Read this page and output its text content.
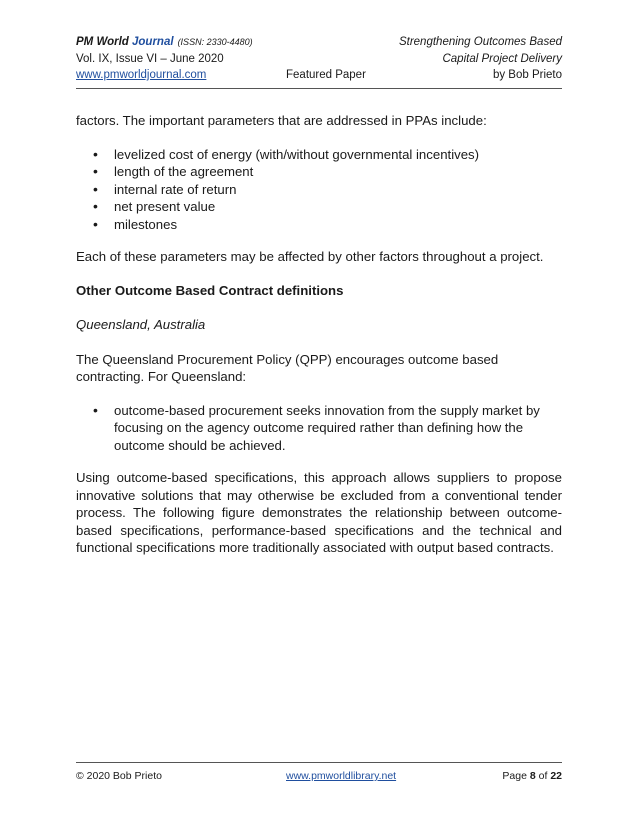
PM World Journal (ISSN: 2330-4480)	Strengthening Outcomes Based
Vol. IX, Issue VI – June 2020	Capital Project Delivery
www.pmworldjournal.com	Featured Paper	by Bob Prieto

factors. The important parameters that are addressed in PPAs include:

• levelized cost of energy (with/without governmental incentives)
• length of the agreement
• internal rate of return
• net present value
• milestones

Each of these parameters may be affected by other factors throughout a project.

Other Outcome Based Contract definitions

Queensland, Australia

The Queensland Procurement Policy (QPP) encourages outcome based contracting. For Queensland:

• outcome-based procurement seeks innovation from the supply market by focusing on the agency outcome required rather than defining how the outcome should be achieved.

Using outcome-based specifications, this approach allows suppliers to propose innovative solutions that may otherwise be excluded from a conventional tender process. The following figure demonstrates the relationship between outcome-based specifications, performance-based specifications and the technical and functional specifications more traditionally associated with output based contracts.

© 2020 Bob Prieto	www.pmworldlibrary.net	Page 8 of 22
